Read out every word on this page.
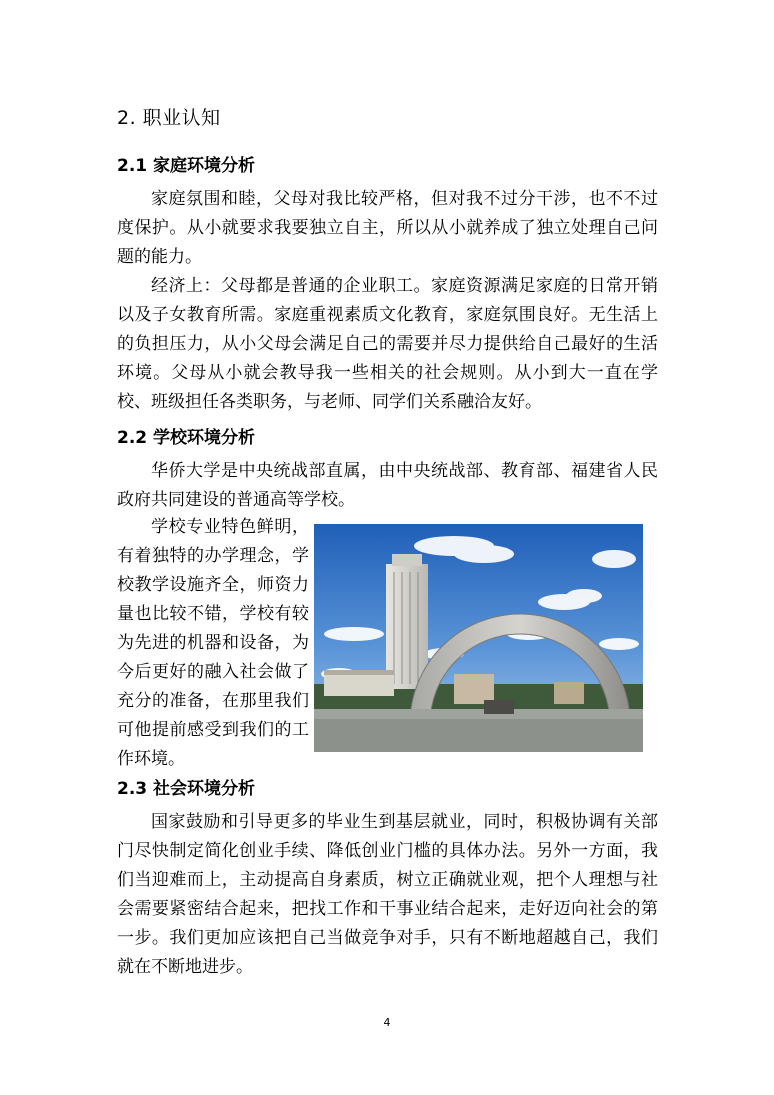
2. 职业认知
2.1 家庭环境分析

家庭氛围和睦，父母对我比较严格，但对我不过分干涉，也不不过度保护。从小就要求我要独立自主，所以从小就养成了独立处理自己问题的能力。

经济上：父母都是普通的企业职工。家庭资源满足家庭的日常开销以及子女教育所需。家庭重视素质文化教育，家庭氛围良好。无生活上的负担压力，从小父母会满足自己的需要并尽力提供给自己最好的生活环境。父母从小就会教导我一些相关的社会规则。从小到大一直在学校、班级担任各类职务，与老师、同学们关系融洽友好。

2.2 学校环境分析

华侨大学是中央统战部直属，由中央统战部、教育部、福建省人民政府共同建设的普通高等学校。

学校专业特色鲜明，有着独特的办学理念，学校教学设施齐全，师资力量也比较不错，学校有较为先进的机器和设备，为今后更好的融入社会做了充分的准备，在那里我们可他提前感受到我们的工作环境。

2.3 社会环境分析

国家鼓励和引导更多的毕业生到基层就业，同时，积极协调有关部门尽快制定简化创业手续、降低创业门槛的具体办法。另外一方面，我们当迎难而上，主动提高自身素质，树立正确就业观，把个人理想与社会需要紧密结合起来，把找工作和干事业结合起来，走好迈向社会的第一步。我们更加应该把自己当做竞争对手，只有不断地超越自己，我们就在不断地进步。

4
